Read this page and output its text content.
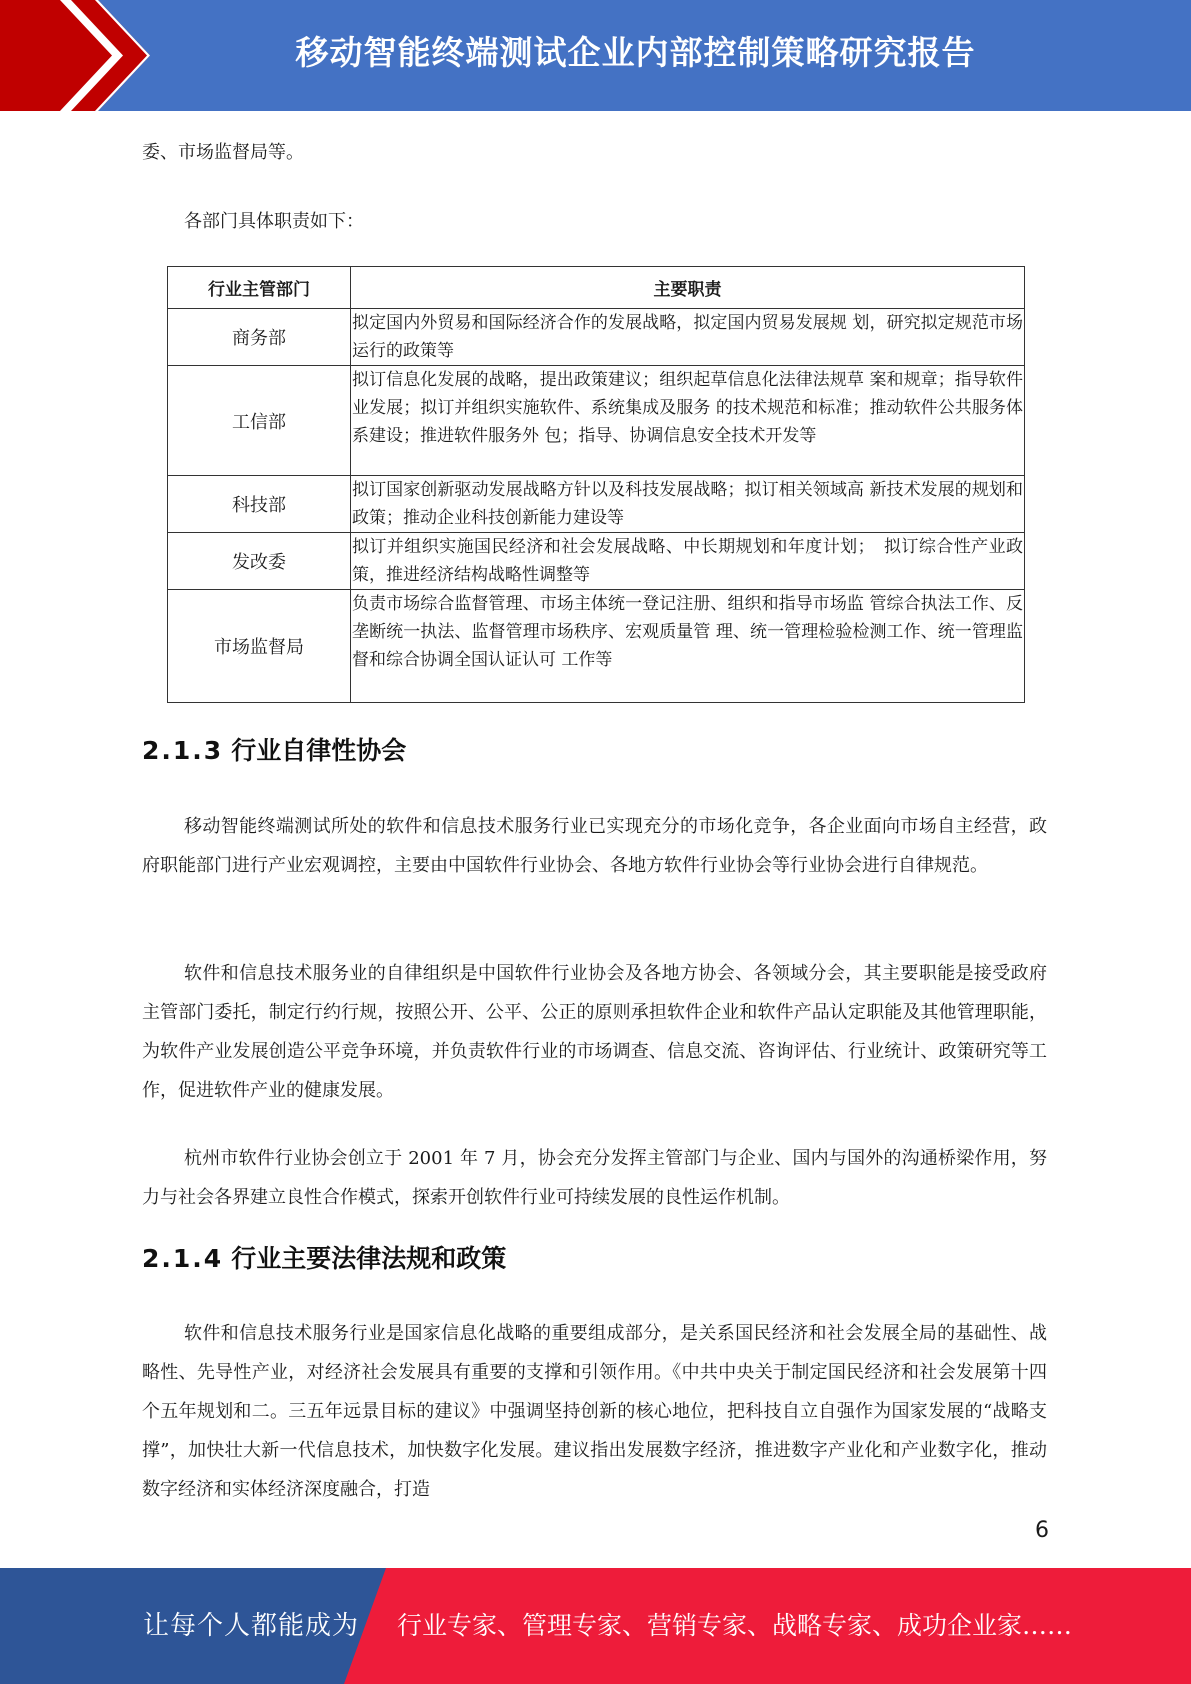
移动智能终端测试企业内部控制策略研究报告

委、市场监督局等。

各部门具体职责如下：

行业主管部门	主要职责
商务部	拟定国内外贸易和国际经济合作的发展战略，拟定国内贸易发展规 划，研究拟定规范市场运行的政策等
工信部	拟订信息化发展的战略，提出政策建议；组织起草信息化法律法规草 案和规章；指导软件业发展；拟订并组织实施软件、系统集成及服务 的技术规范和标准；推动软件公共服务体系建设；推进软件服务外 包；指导、协调信息安全技术开发等
科技部	拟订国家创新驱动发展战略方针以及科技发展战略；拟订相关领域高 新技术发展的规划和政策；推动企业科技创新能力建设等
发改委	拟订并组织实施国民经济和社会发展战略、中长期规划和年度计划；　拟订综合性产业政策，推进经济结构战略性调整等
市场监督局	负责市场综合监督管理、市场主体统一登记注册、组织和指导市场监 管综合执法工作、反垄断统一执法、监督管理市场秩序、宏观质量管 理、统一管理检验检测工作、统一管理监督和综合协调全国认证认可 工作等
2.1.3 行业自律性协会

移动智能终端测试所处的软件和信息技术服务行业已实现充分的市场化竞争，各企业面向市场自主经营，政府职能部门进行产业宏观调控，主要由中国软件行业协会、各地方软件行业协会等行业协会进行自律规范。

软件和信息技术服务业的自律组织是中国软件行业协会及各地方协会、各领域分会，其主要职能是接受政府主管部门委托，制定行约行规，按照公开、公平、公正的原则承担软件企业和软件产品认定职能及其他管理职能，为软件产业发展创造公平竞争环境，并负责软件行业的市场调查、信息交流、咨询评估、行业统计、政策研究等工作，促进软件产业的健康发展。

杭州市软件行业协会创立于 2001 年 7 月，协会充分发挥主管部门与企业、国内与国外的沟通桥梁作用，努力与社会各界建立良性合作模式，探索开创软件行业可持续发展的良性运作机制。

2.1.4 行业主要法律法规和政策

软件和信息技术服务行业是国家信息化战略的重要组成部分，是关系国民经济和社会发展全局的基础性、战略性、先导性产业，对经济社会发展具有重要的支撑和引领作用。《中共中央关于制定国民经济和社会发展第十四个五年规划和二。三五年远景目标的建议》中强调坚持创新的核心地位，把科技自立自强作为国家发展的“战略支撑”，加快壮大新一代信息技术，加快数字化发展。建议指出发展数字经济，推进数字产业化和产业数字化，推动数字经济和实体经济深度融合，打造

6
让每个人都能成为 行业专家、管理专家、营销专家、战略专家、成功企业家……
